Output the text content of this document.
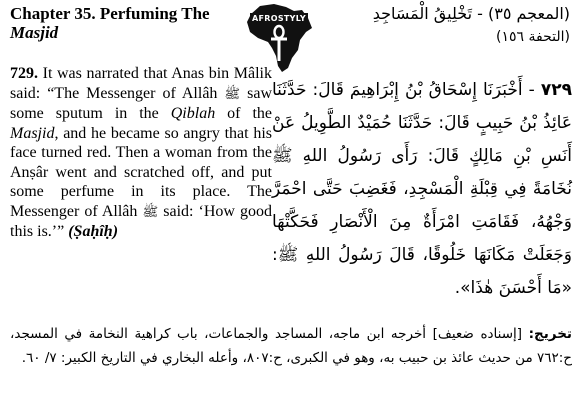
Chapter 35. Perfuming The
Masjid
729. It was narrated that Anas bin Mâlik said: “The Messenger of Allâh ﷺ saw some sputum in the Qiblah of the Masjid, and he became so angry that his face turned red. Then a woman from the Anṣâr went and scratched off, and put some perfume in its place. The Messenger of Allâh ﷺ said: ‘How good this is.’” (Ṣaḥîḥ)
AFROSTYLY	(المعجم ٣٥) - تَخْلِيقُ الْمَسَاجِدِ
(التحفة ١٥٦)
٧٢٩ - أَخْبَرَنَا إِسْحَاقُ بْنُ إِبْرَاهِيمَ قَالَ: حَدَّثَنَا عَائِذُ بْنُ حَبِيبٍ قَالَ: حَدَّثَنَا حُمَيْدٌ الطَّوِيلُ عَنْ أَنَسِ بْنِ مَالِكٍ قَالَ: رَأَى رَسُولُ اللهِ ﷺ نُخَامَةً فِي قِبْلَةِ الْمَسْجِدِ، فَغَضِبَ حَتَّى احْمَرَّ وَجْهُهُ، فَقَامَتِ امْرَأَةٌ مِنَ الْأَنْصَارِ فَحَكَّتْهَا وَجَعَلَتْ مَكَانَهَا خَلُوقًا، قَالَ رَسُولُ اللهِ ﷺ: «مَا أَحْسَنَ هٰذَا».
تخريج: [إسناده ضعيف] أخرجه ابن ماجه، المساجد والجماعات، باب كراهية النخامة في المسجد، ح:٧٦٢ من حديث عائذ بن حبيب به، وهو في الكبرى، ح:٨٠٧، وأعله البخاري في التاريخ الكبير: ٧/ ٦٠.
